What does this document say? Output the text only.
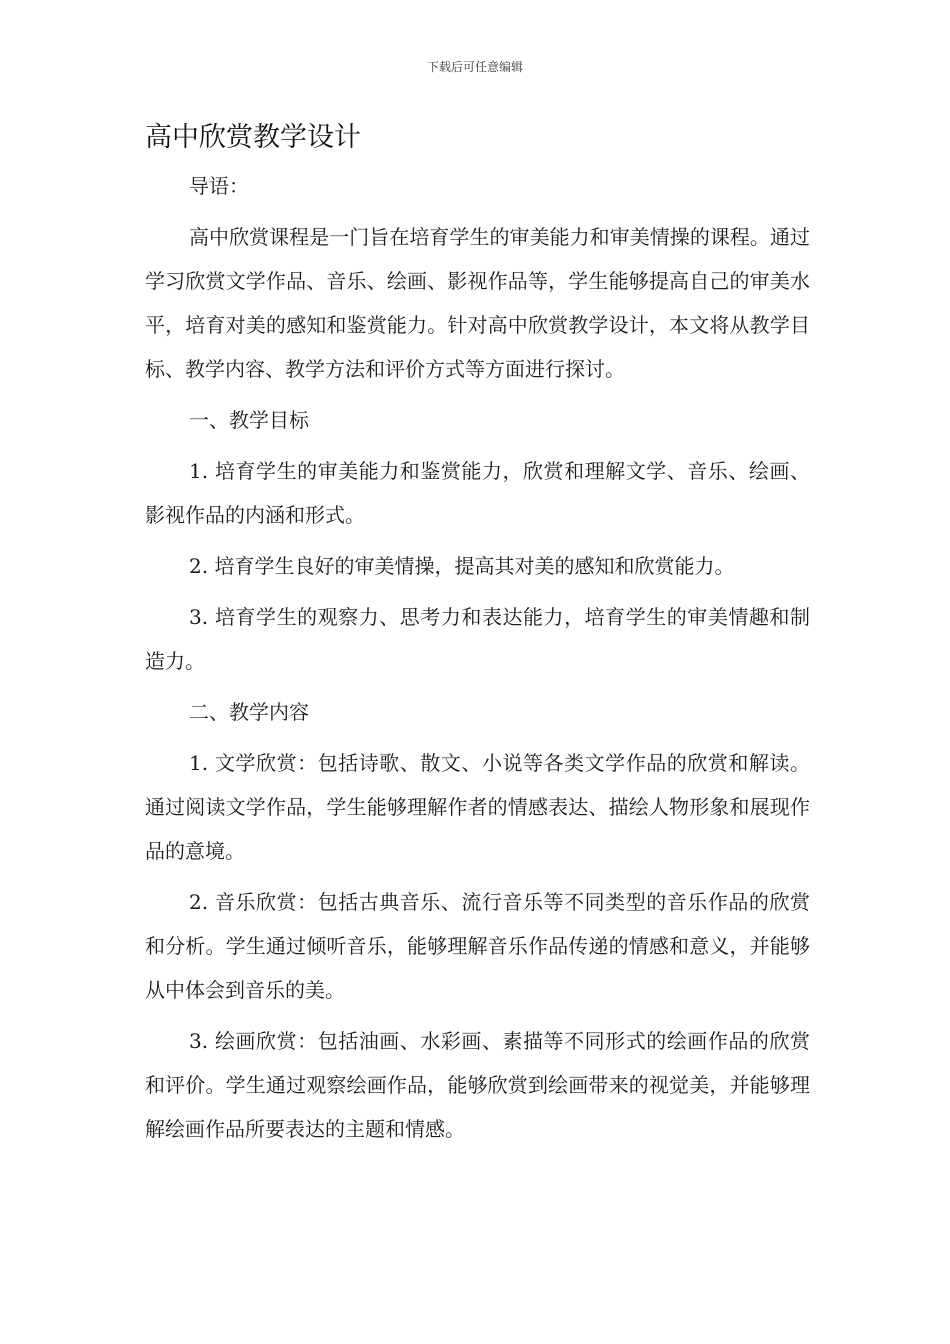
下载后可任意编辑
高中欣赏教学设计

导语：

高中欣赏课程是一门旨在培育学生的审美能力和审美情操的课程。通过学习欣赏文学作品、音乐、绘画、影视作品等，学生能够提高自己的审美水平，培育对美的感知和鉴赏能力。针对高中欣赏教学设计，本文将从教学目标、教学内容、教学方法和评价方式等方面进行探讨。

一、教学目标

1. 培育学生的审美能力和鉴赏能力，欣赏和理解文学、音乐、绘画、影视作品的内涵和形式。

2. 培育学生良好的审美情操，提高其对美的感知和欣赏能力。

3. 培育学生的观察力、思考力和表达能力，培育学生的审美情趣和制造力。

二、教学内容

1. 文学欣赏：包括诗歌、散文、小说等各类文学作品的欣赏和解读。通过阅读文学作品，学生能够理解作者的情感表达、描绘人物形象和展现作品的意境。

2. 音乐欣赏：包括古典音乐、流行音乐等不同类型的音乐作品的欣赏和分析。学生通过倾听音乐，能够理解音乐作品传递的情感和意义，并能够从中体会到音乐的美。

3. 绘画欣赏：包括油画、水彩画、素描等不同形式的绘画作品的欣赏和评价。学生通过观察绘画作品，能够欣赏到绘画带来的视觉美，并能够理解绘画作品所要表达的主题和情感。
